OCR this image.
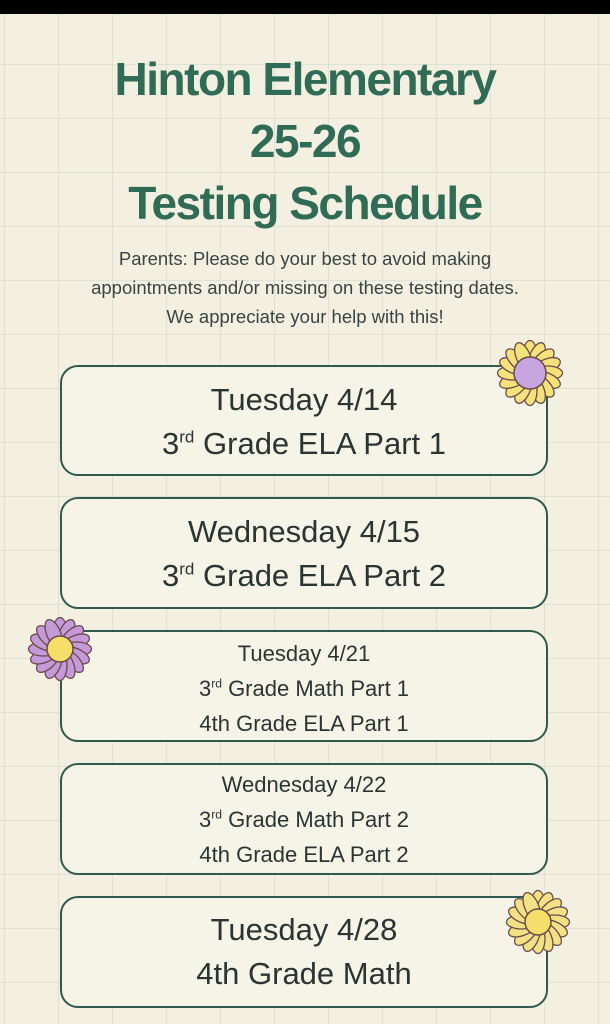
Hinton Elementary
25-26
Testing Schedule
Parents: Please do your best to avoid making
appointments and/or missing on these testing dates.
We appreciate your help with this!
Tuesday 4/14
3rd Grade ELA Part 1
Wednesday 4/15
3rd Grade ELA Part 2
Tuesday 4/21
3rd Grade Math Part 1
4th Grade ELA Part 1
Wednesday 4/22
3rd Grade Math Part 2
4th Grade ELA Part 2
Tuesday 4/28
4th Grade Math
